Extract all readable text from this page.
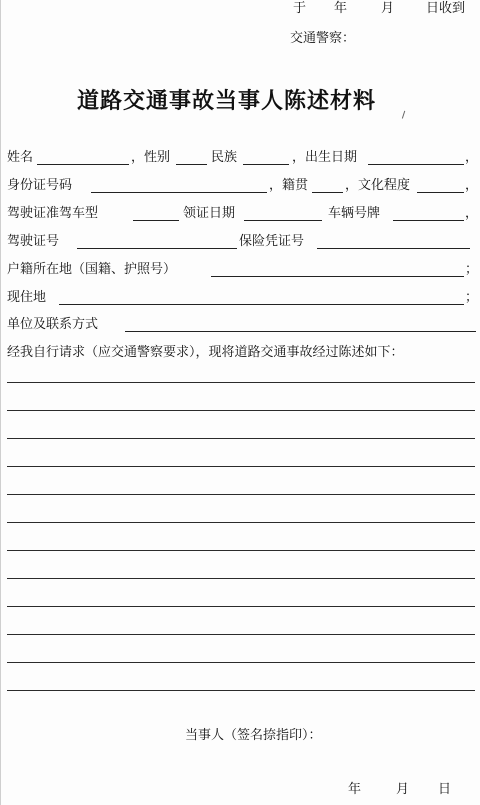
于 年	月 日收到
交通警察：
道路交通事故当事人陈述材料
姓名	，性别	民族	，出生日期	，
身份证号码	，籍贯	，文化程度	，
驾驶证准驾车型	领证日期	车辆号牌	，
驾驶证号	保险凭证号
户籍所在地（国籍、护照号）	；
现住地	；
单位及联系方式
经我自行请求（应交通警察要求），现将道路交通事故经过陈述如下：
当事人（签名捺指印）：
年	月 日
